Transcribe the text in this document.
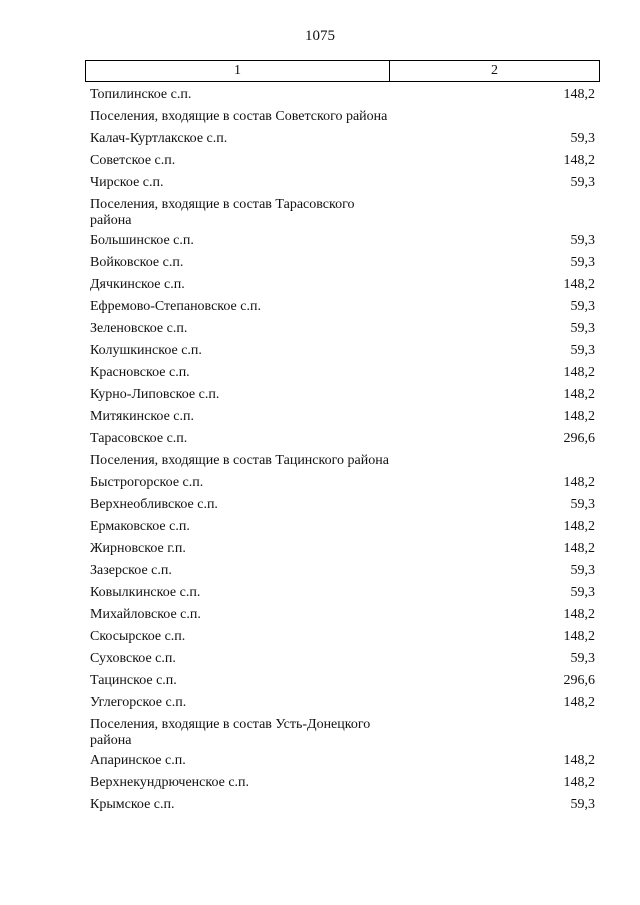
1075
1	2
Топилинское с.п.	148,2
Поселения, входящие в состав Советского района
Калач-Куртлакское с.п.	59,3
Советское с.п.	148,2
Чирское с.п.	59,3
Поселения, входящие в состав Тарасовского района
Большинское с.п.	59,3
Войковское с.п.	59,3
Дячкинское с.п.	148,2
Ефремово-Степановское с.п.	59,3
Зеленовское с.п.	59,3
Колушкинское с.п.	59,3
Красновское с.п.	148,2
Курно-Липовское с.п.	148,2
Митякинское с.п.	148,2
Тарасовское с.п.	296,6
Поселения, входящие в состав Тацинского района
Быстрогорское с.п.	148,2
Верхнеобливское с.п.	59,3
Ермаковское с.п.	148,2
Жирновское г.п.	148,2
Зазерское с.п.	59,3
Ковылкинское с.п.	59,3
Михайловское с.п.	148,2
Скосырское с.п.	148,2
Суховское с.п.	59,3
Тацинское с.п.	296,6
Углегорское с.п.	148,2
Поселения, входящие в состав Усть-Донецкого района
Апаринское с.п.	148,2
Верхнекундрюченское с.п.	148,2
Крымское с.п.	59,3
